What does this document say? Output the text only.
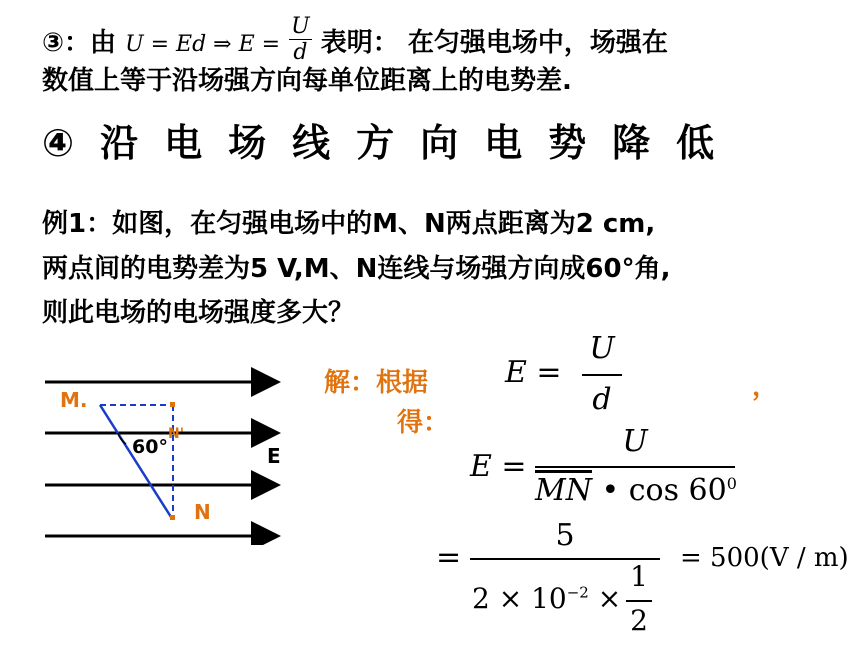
③：由 U = Ed ⇒ $E = \frac{U}{d}$ 表明： 在匀强电场中，场强在
数值上等于沿场强方向每单位距离上的电势差.
④沿电场线方向电势降低
例1：如图，在匀强电场中的M、N两点距离为2 cm,
两点间的电势差为5 V,M、N连线与场强方向成60°角,
则此电场的电场强度多大？
M.
60°
N'
E
N
解：根据
得：
，
E =
U
d
E =
U
$\overline{MN}$ • $\cos 60^0$
=
5
$2 \times 10^{-2}$ ×
1
2
= 500(V / m)
